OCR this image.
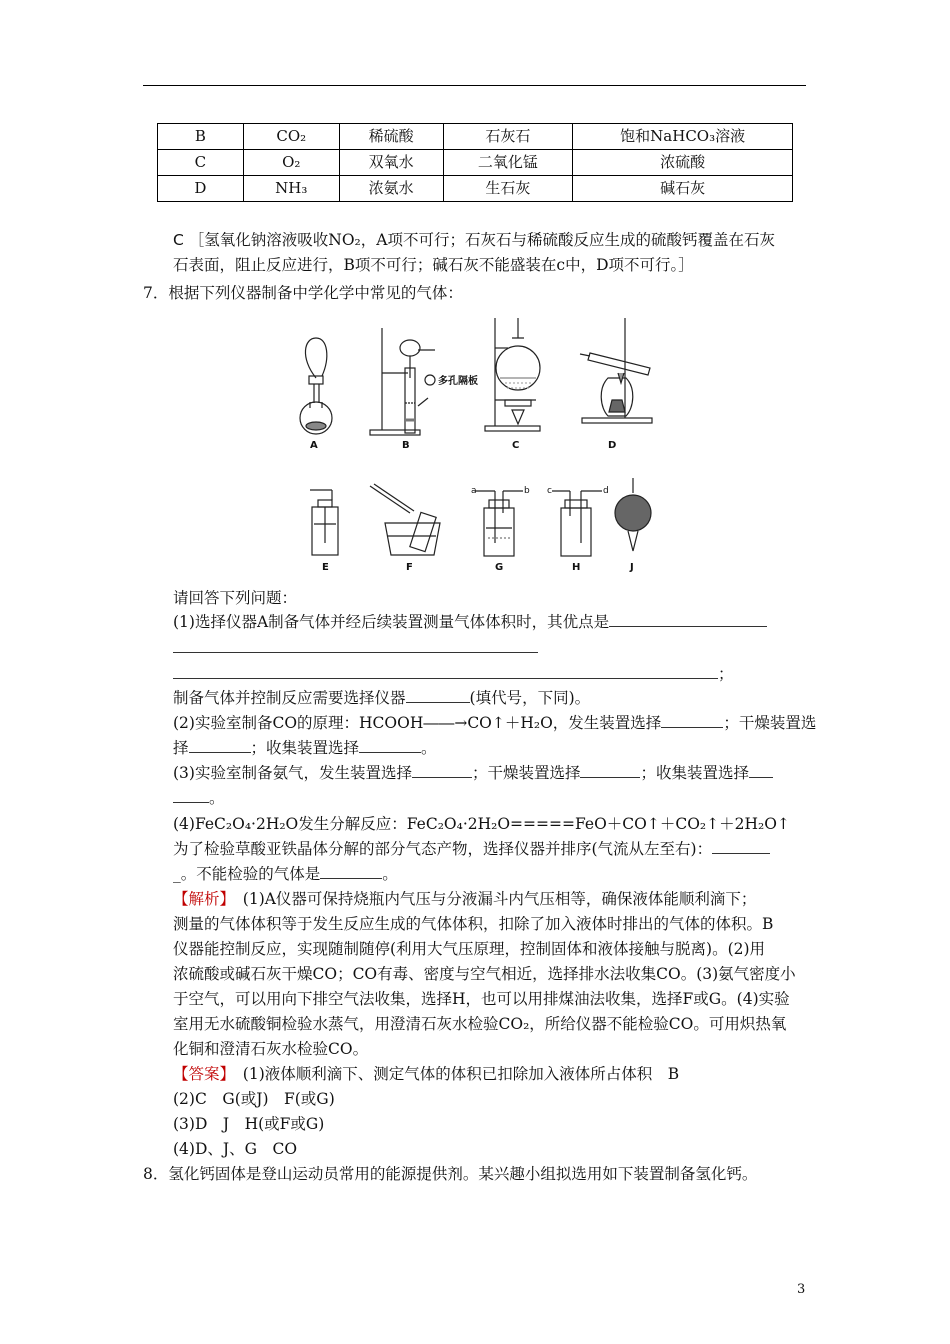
B	CO₂	稀硫酸	石灰石	饱和NaHCO₃溶液
C	O₂	双氧水	二氧化锰	浓硫酸
D	NH₃	浓氨水	生石灰	碱石灰
C ［氢氧化钠溶液吸收NO₂，A项不可行；石灰石与稀硫酸反应生成的硫酸钙覆盖在石灰
石表面，阻止反应进行，B项不可行；碱石灰不能盛装在c中，D项不可行。］
7．根据下列仪器制备中学化学中常见的气体：
A	B	C	D
E	F	G	H	J
多孔隔板
a	b c	d
请回答下列问题：
(1)选择仪器A制备气体并经后续装置测量气体体积时，其优点是
；
制备气体并控制反应需要选择仪器	(填代号，下同)。
(2)实验室制备CO的原理：HCOOH――→CO↑＋H₂O，发生装置选择	；干燥装置选
择	；收集装置选择	。
(3)实验室制备氨气，发生装置选择	；干燥装置选择	；收集装置选择
。
(4)FeC₂O₄·2H₂O发生分解反应：FeC₂O₄·2H₂O=====FeO＋CO↑＋CO₂↑＋2H₂O↑
为了检验草酸亚铁晶体分解的部分气态产物，选择仪器并排序(气流从左至右)：
_。不能检验的气体是	。
【解析】　 (1)A仪器可保持烧瓶内气压与分液漏斗内气压相等，确保液体能顺利滴下；
测量的气体体积等于发生反应生成的气体体积，扣除了加入液体时排出的气体的体积。B
仪器能控制反应，实现随制随停(利用大气压原理，控制固体和液体接触与脱离)。(2)用
浓硫酸或碱石灰干燥CO；CO有毒、密度与空气相近，选择排水法收集CO。(3)氨气密度小
于空气，可以用向下排空气法收集，选择H，也可以用排煤油法收集，选择F或G。(4)实验
室用无水硫酸铜检验水蒸气，用澄清石灰水检验CO₂，所给仪器不能检验CO。可用炽热氧
化铜和澄清石灰水检验CO。
【答案】　 (1)液体顺利滴下、测定气体的体积已扣除加入液体所占体积　B
(2)C　G(或J)　F(或G)
(3)D　J　H(或F或G)
(4)D、J、G　CO
8．氢化钙固体是登山运动员常用的能源提供剂。某兴趣小组拟选用如下装置制备氢化钙。
3
